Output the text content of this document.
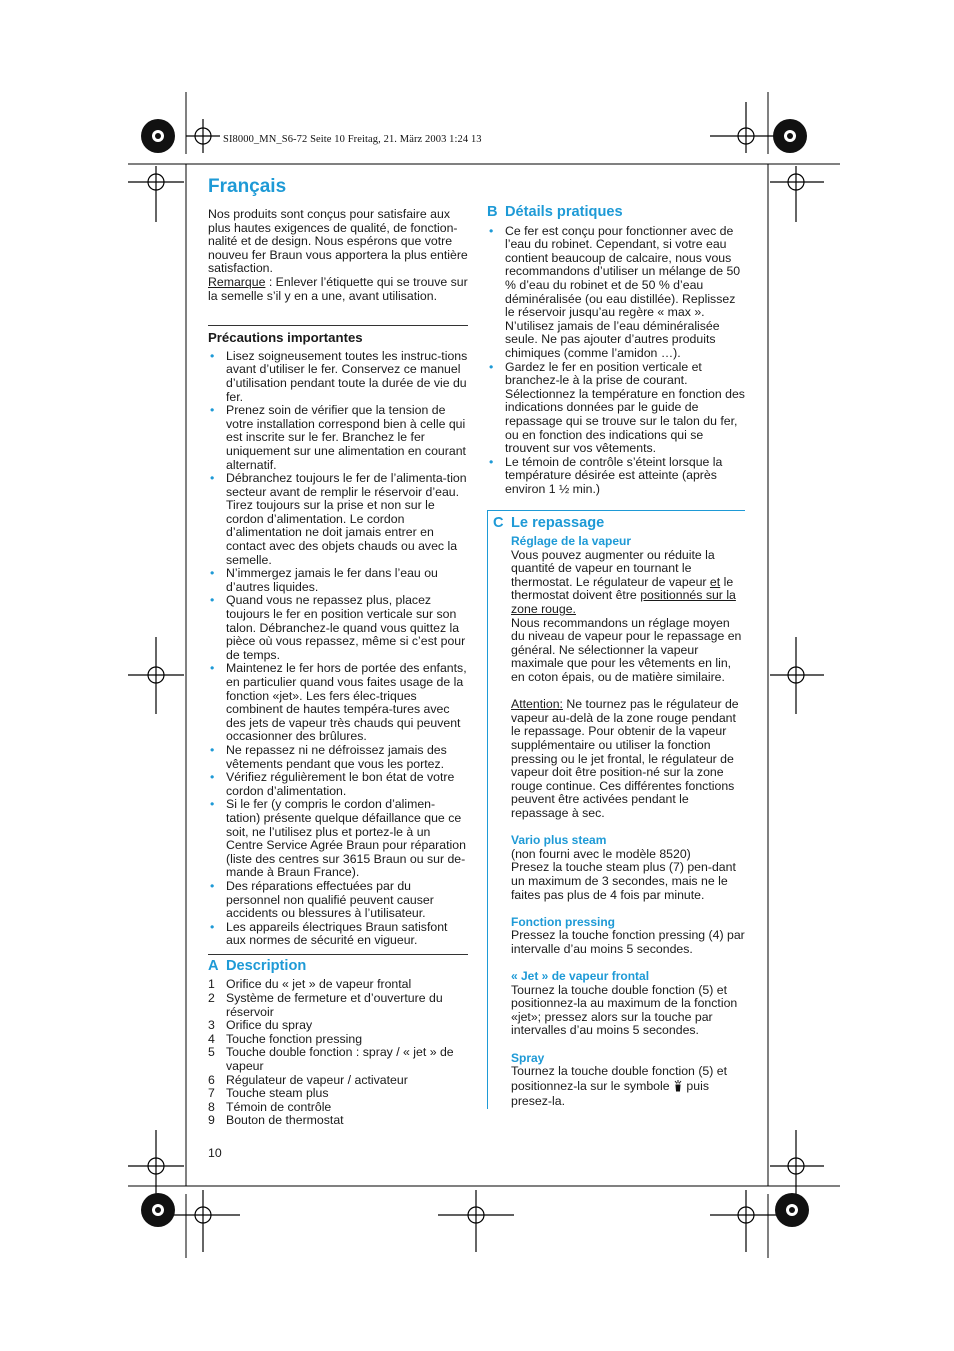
SI8000_MN_S6-72 Seite 10 Freitag, 21. März 2003 1:24 13
Français

Nos produits sont conçus pour satisfaire aux plus hautes exigences de qualité, de fonction-nalité et de design. Nous espérons que votre nouveu fer Braun vous apportera la plus entière satisfaction.

Remarque : Enlever l’étiquette qui se trouve sur la semelle s’il y en a une, avant utilisation.

Précautions importantes
• Lisez soigneusement toutes les instruc-tions avant d’utiliser le fer. Conservez ce manuel d’utilisation pendant toute la durée de vie du fer.
• Prenez soin de vérifier que la tension de votre installation correspond bien à celle qui est inscrite sur le fer. Branchez le fer uniquement sur une alimentation en courant alternatif.
• Débranchez toujours le fer de l’alimenta-tion secteur avant de remplir le réservoir d’eau. Tirez toujours sur la prise et non sur le cordon d’alimentation. Le cordon d’alimentation ne doit jamais entrer en contact avec des objets chauds ou avec la semelle.
• N’immergez jamais le fer dans l’eau ou d’autres liquides.
• Quand vous ne repassez plus, placez toujours le fer en position verticale sur son talon. Débranchez-le quand vous quittez la pièce où vous repassez, même si c’est pour de temps.
• Maintenez le fer hors de portée des enfants, en particulier quand vous faites usage de la fonction «jet». Les fers élec-triques combinent de hautes tempéra-tures avec des jets de vapeur très chauds qui peuvent occasionner des brûlures.
• Ne repassez ni ne défroissez jamais des vêtements pendant que vous les portez.
• Vérifiez régulièrement le bon état de votre cordon d’alimentation.
• Si le fer (y compris le cordon d’alimen-tation) présente quelque défaillance que ce soit, ne l’utilisez plus et portez-le à un Centre Service Agrée Braun pour réparation (liste des centres sur 3615 Braun ou sur de-mande à Braun France).
• Des réparations effectuées par du personnel non qualifié peuvent causer accidents ou blessures à l’utilisateur.
• Les appareils électriques Braun satisfont aux normes de sécurité en vigueur.
A Description
1 Orifice du « jet » de vapeur frontal
2 Système de fermeture et d’ouverture du réservoir
3 Orifice du spray
4 Touche fonction pressing
5 Touche double fonction : spray / « jet » de vapeur
6 Régulateur de vapeur / activateur
7 Touche steam plus
8 Témoin de contrôle
9 Bouton de thermostat
B Détails pratiques
• Ce fer est conçu pour fonctionner avec de l’eau du robinet. Cependant, si votre eau contient beaucoup de calcaire, nous vous recommandons d’utiliser un mélange de 50 % d’eau du robinet et de 50 % d’eau déminéralisée (ou eau distillée). Replissez le réservoir jusqu’au regère « max ». N’utilisez jamais de l’eau déminéralisée seule. Ne pas ajouter d’autres produits chimiques (comme l’amidon …).
• Gardez le fer en position verticale et branchez-le à la prise de courant. Sélectionnez la température en fonction des indications données par le guide de repassage qui se trouve sur le talon du fer, ou en fonction des indications qui se trouvent sur vos vêtements.
• Le témoin de contrôle s’éteint lorsque la température désirée est atteinte (après environ 1 ½ min.)
C Le repassage
Réglage de la vapeur

Vous pouvez augmenter ou réduite la quantité de vapeur en tournant le thermostat. Le régulateur de vapeur et le thermostat doivent être positionnés sur la zone rouge.

Nous recommandons un réglage moyen du niveau de vapeur pour le repassage en général. Ne sélectionner la vapeur maximale que pour les vêtements en lin, en coton épais, ou de matière similaire.

Attention: Ne tournez pas le régulateur de vapeur au-delà de la zone rouge pendant le repassage. Pour obtenir de la vapeur supplémentaire ou utiliser la fonction pressing ou le jet frontal, le régulateur de vapeur doit être position-né sur la zone rouge continue. Ces différentes fonctions peuvent être activées pendant le repassage à sec.

Vario plus steam

(non fourni avec le modèle 8520)

Presez la touche steam plus (7) pen-dant un maximum de 3 secondes, mais ne le faites pas plus de 4 fois par minute.

Fonction pressing

Pressez la touche fonction pressing (4) par intervalle d’au moins 5 secondes.

« Jet » de vapeur frontal

Tournez la touche double fonction (5) et positionnez-la au maximum de la fonction «jet»; pressez alors sur la touche par intervalles d’au moins 5 secondes.

Spray

Tournez la touche double fonction (5) et positionnez-la sur le symbole  puis presez-la.

10
